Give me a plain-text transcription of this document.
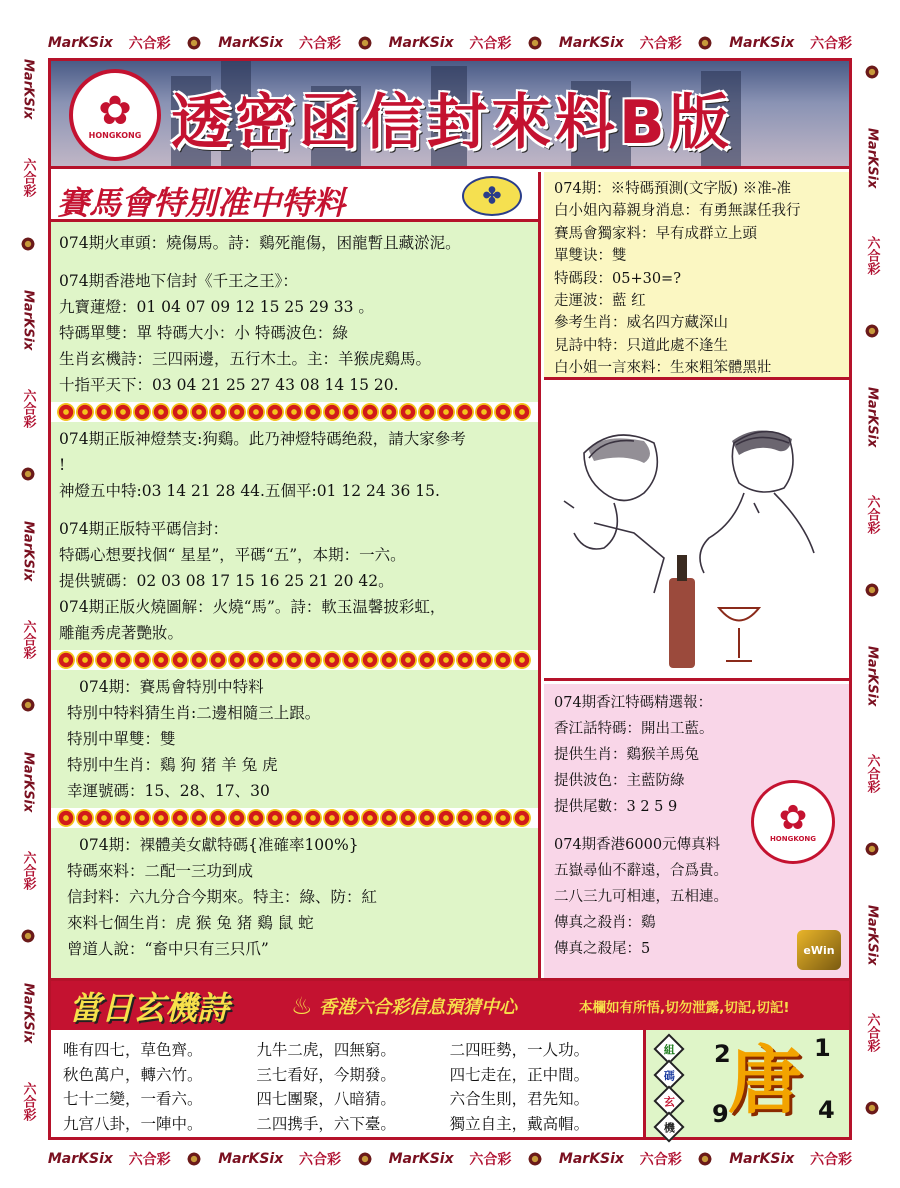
MarKSix 六合彩	MarKSix 六合彩	MarKSix 六合彩	MarKSix 六合彩	MarKSix 六合彩
MarKSix 六合彩	MarKSix 六合彩	MarKSix 六合彩	MarKSix 六合彩	MarKSix 六合彩
MarKSix
六合彩
MarKSix
六合彩
MarKSix
六合彩
MarKSix
六合彩
MarKSix
六合彩
MarKSix
六合彩
MarKSix
六合彩
MarKSix
六合彩
MarKSix
六合彩
✿
HONGKONG 透密函信封來料B版
賽馬會特別准中特料	✤
074期火車頭：燒傷馬。詩：鷄死龍傷，困龍暫且藏淤泥。
074期香港地下信封《千王之王》：
九寶蓮燈：01 04 07 09 12 15 25 29 33 。
特碼單雙：單 特碼大小：小 特碼波色：綠
生肖玄機詩：三四兩邊，五行木土。主：羊猴虎鷄馬。
十指平天下：03 04 21 25 27 43 08 14 15 20.
074期正版神燈禁支:狗鷄。此乃神燈特碼绝殺，請大家參考
!
神燈五中特:03 14 21 28 44.五個平:01 12 24 36 15.
074期正版特平碼信封：
特碼心想要找個“ 星星”，平碼“五”，本期：一六。
提供號碼：02 03 08 17 15 16 25 21 20 42。
074期正版火燒圖解：火燒“馬”。詩：軟玉温馨披彩虹，
雕龍秀虎著艷妝。
074期：賽馬會特別中特料
特別中特料猜生肖:二邊相隨三上跟。
特別中單雙：雙
特別中生肖：鷄 狗 猪 羊 兔 虎
幸運號碼：15、28、17、30
074期：裸體美女獻特碼{准確率100%}
特碼來料：二配一三功到成
信封料：六九分合今期來。特主：綠、防：紅
來料七個生肖：虎 猴 兔 猪 鷄 鼠 蛇
曾道人說：“畜中只有三只爪”
074期：※特碼預測(文字版) ※准-准
白小姐內幕親身消息：有勇無謀任我行
賽馬會獨家料：早有成群立上頭
單雙诀：雙
特碼段：05+30=?
走運波：藍 红
參考生肖：威名四方藏深山
見詩中特：只道此處不逢生
白小姐一言來料：生來粗笨體黑壯
074期香江特碼精選報：
香江話特碼：開出工藍。
提供生肖：鷄猴羊馬兔
提供波色：主藍防綠
提供尾數：3 2 5 9
074期香港6000元傳真料
五嶽尋仙不辭遠，合爲貴。
二八三九可相連，五相連。
傳真之殺肖：鷄
傳真之殺尾：5
✿
HONGKONG
eWin
當日玄機詩	♨ 香港六合彩信息預猜中心	本欄如有所悟,切勿泄露,切記,切記!
唯有四七，草色齊。	九牛二虎，四無窮。	二四旺勢，一人功。
秋色萬户，轉六竹。	三七看好，今期發。	四七走在，正中間。
七十二變，一看六。	四七團聚，八暗猜。	六合生則，君先知。
九宫八卦，一陣中。	二四携手，六下臺。	獨立自主，戴高帽。
組
碼
玄
機
2	1
9	4
唐
